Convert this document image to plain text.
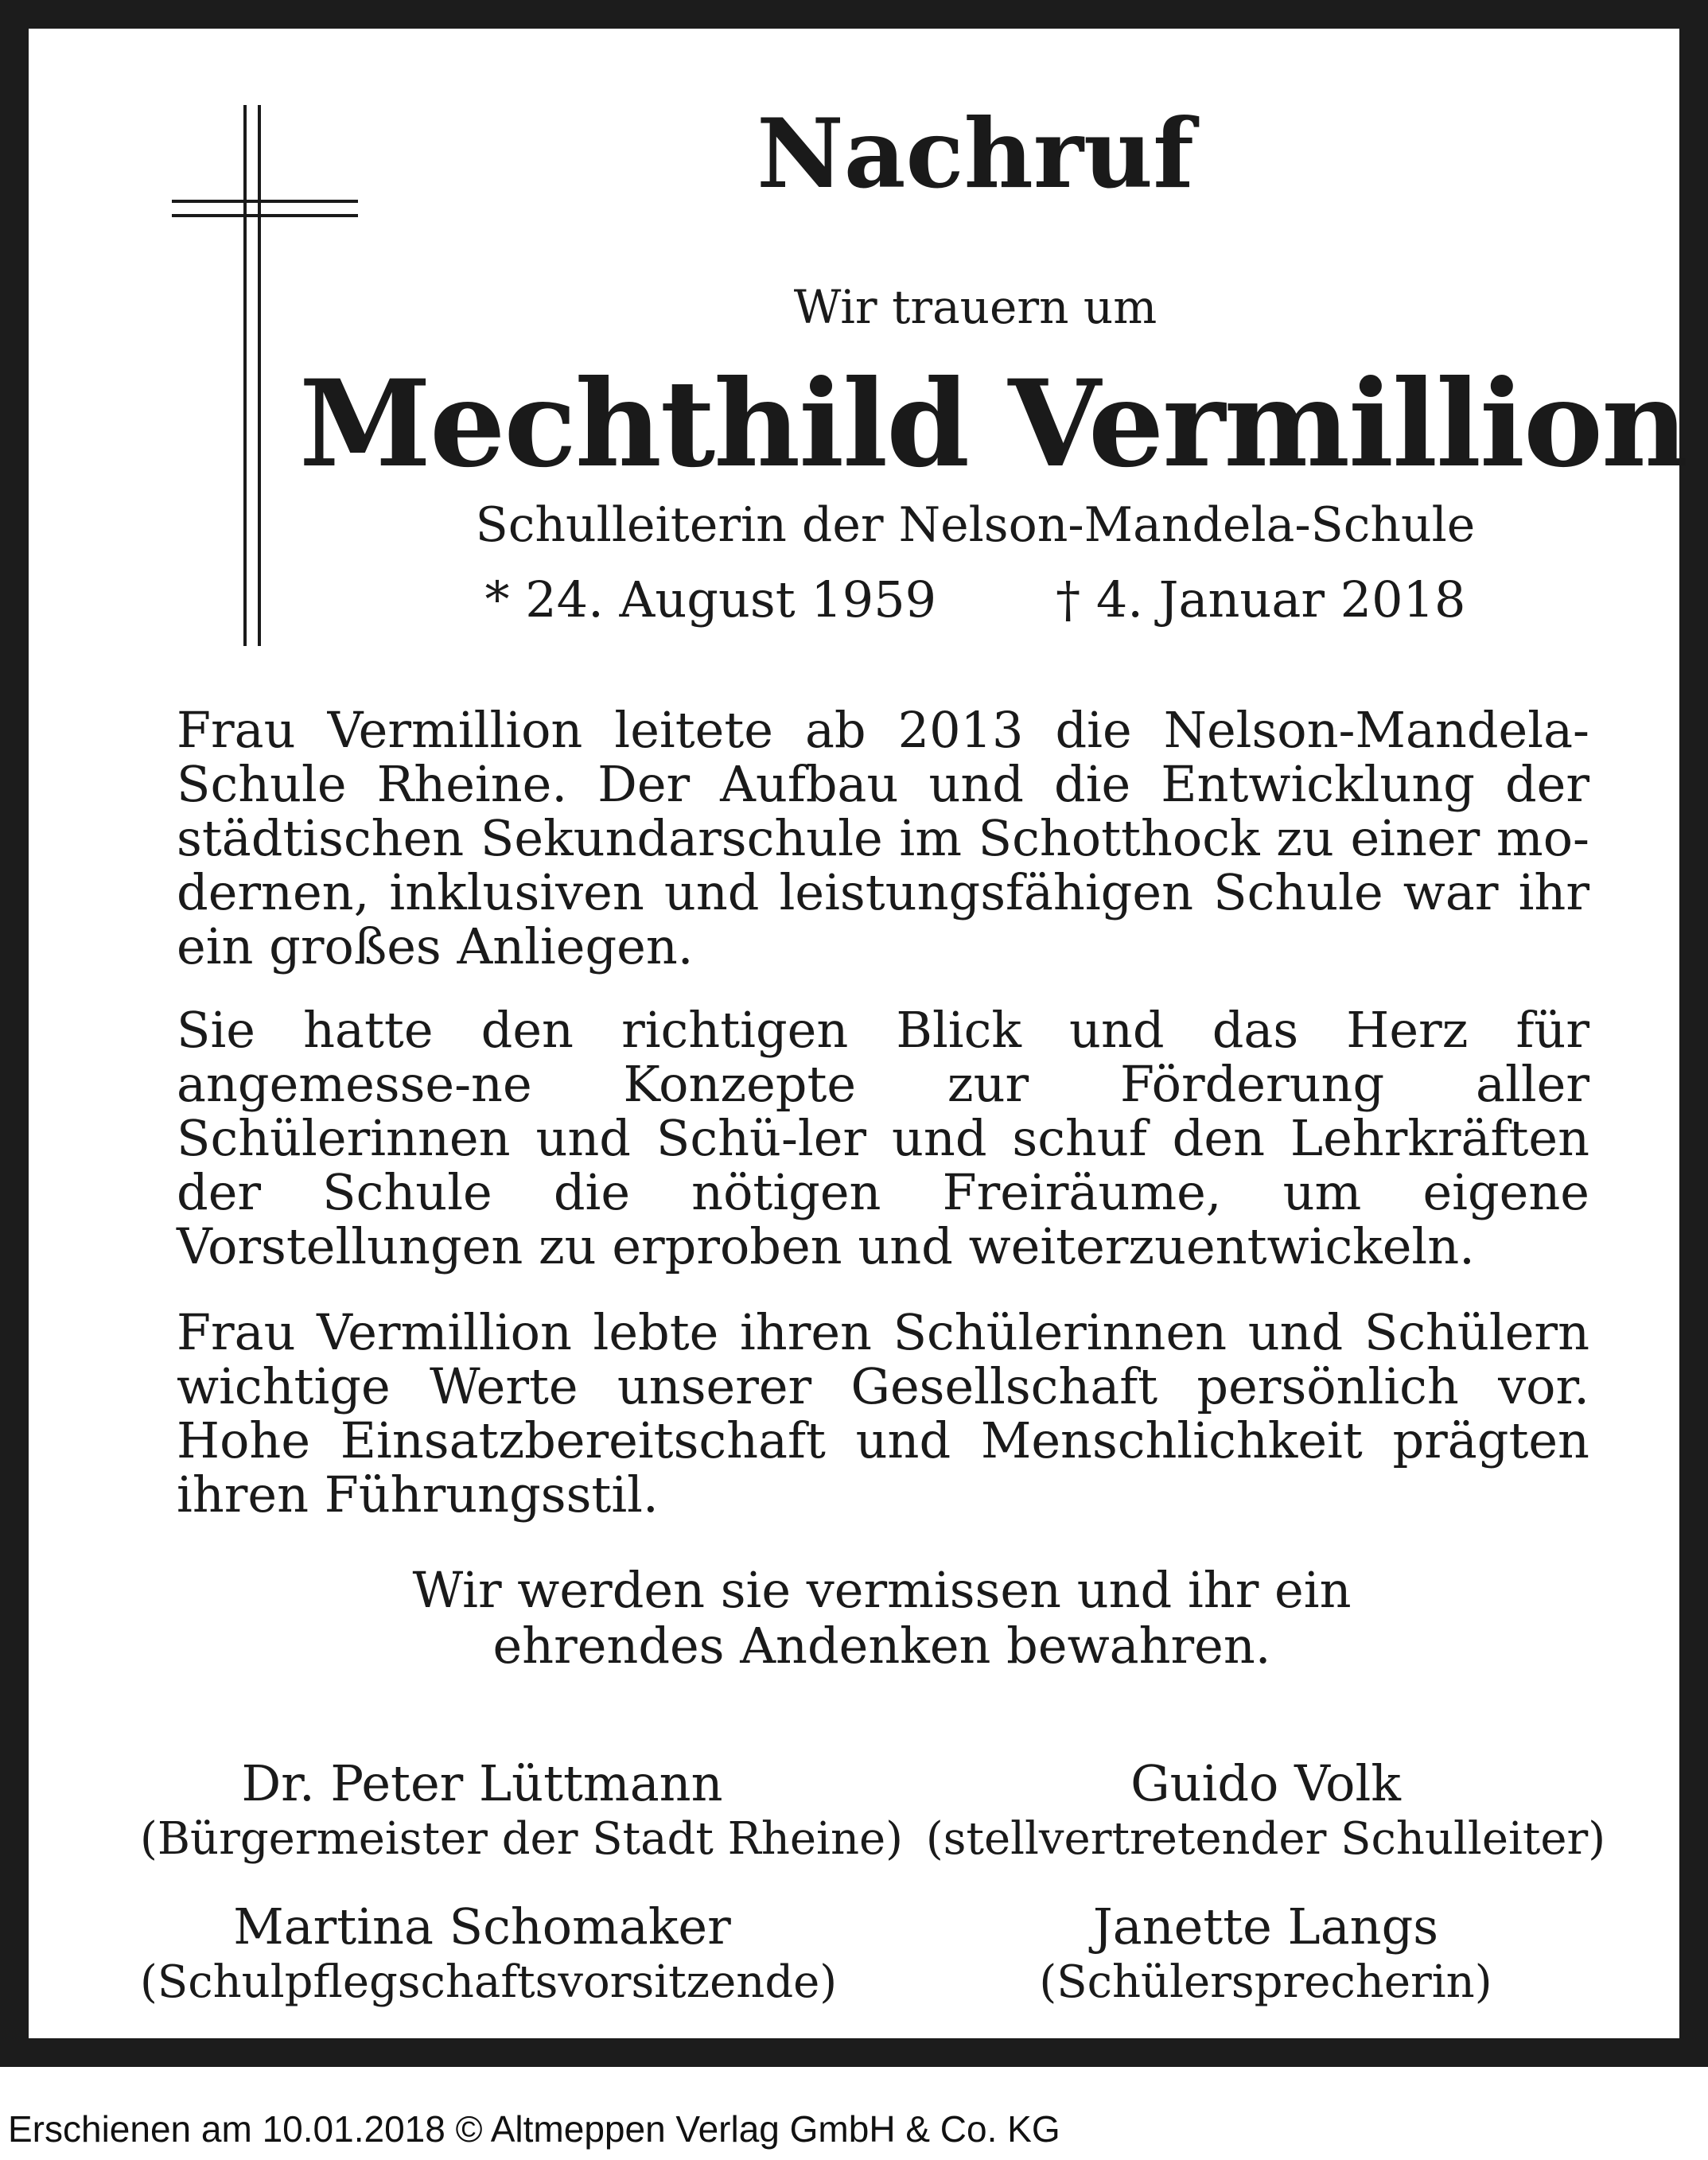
Nachruf
Wir trauern um
Mechthild Vermillion
Schulleiterin der Nelson-Mandela-Schule
* 24. August 1959 † 4. Januar 2018
Frau Vermillion leitete ab 2013 die Nelson-Mandela-Schule Rheine. Der Aufbau und die Entwicklung der städtischen Sekundarschule im Schotthock zu einer mo-dernen, inklusiven und leistungsfähigen Schule war ihr ein großes Anliegen.
Sie hatte den richtigen Blick und das Herz für angemesse-ne Konzepte zur Förderung aller Schülerinnen und Schü-ler und schuf den Lehrkräften der Schule die nötigen Freiräume, um eigene Vorstellungen zu erproben und weiterzuentwickeln.
Frau Vermillion lebte ihren Schülerinnen und Schülern wichtige Werte unserer Gesellschaft persönlich vor. Hohe Einsatzbereitschaft und Menschlichkeit prägten ihren Führungsstil.
Wir werden sie vermissen und ihr ein ehrendes Andenken bewahren.
Dr. Peter Lüttmann
(Bürgermeister der Stadt Rheine)
Guido Volk
(stellvertretender Schulleiter)
Martina Schomaker
(Schulpflegschaftsvorsitzende)
Janette Langs
(Schülersprecherin)
Erschienen am 10.01.2018 © Altmeppen Verlag GmbH & Co. KG
